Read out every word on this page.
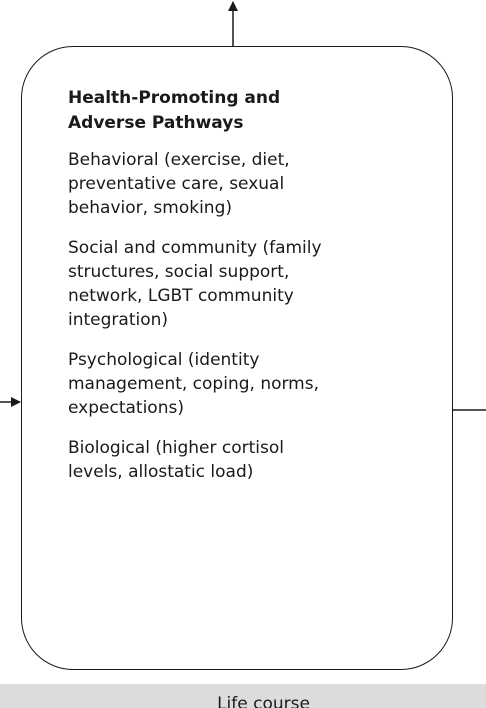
Health-Promoting and Adverse Pathways
Behavioral (exercise, diet, preventative care, sexual behavior, smoking)
Social and community (family structures, social support, network, LGBT community integration)
Psychological (identity management, coping, norms, expectations)
Biological (higher cortisol levels, allostatic load)
Life course
